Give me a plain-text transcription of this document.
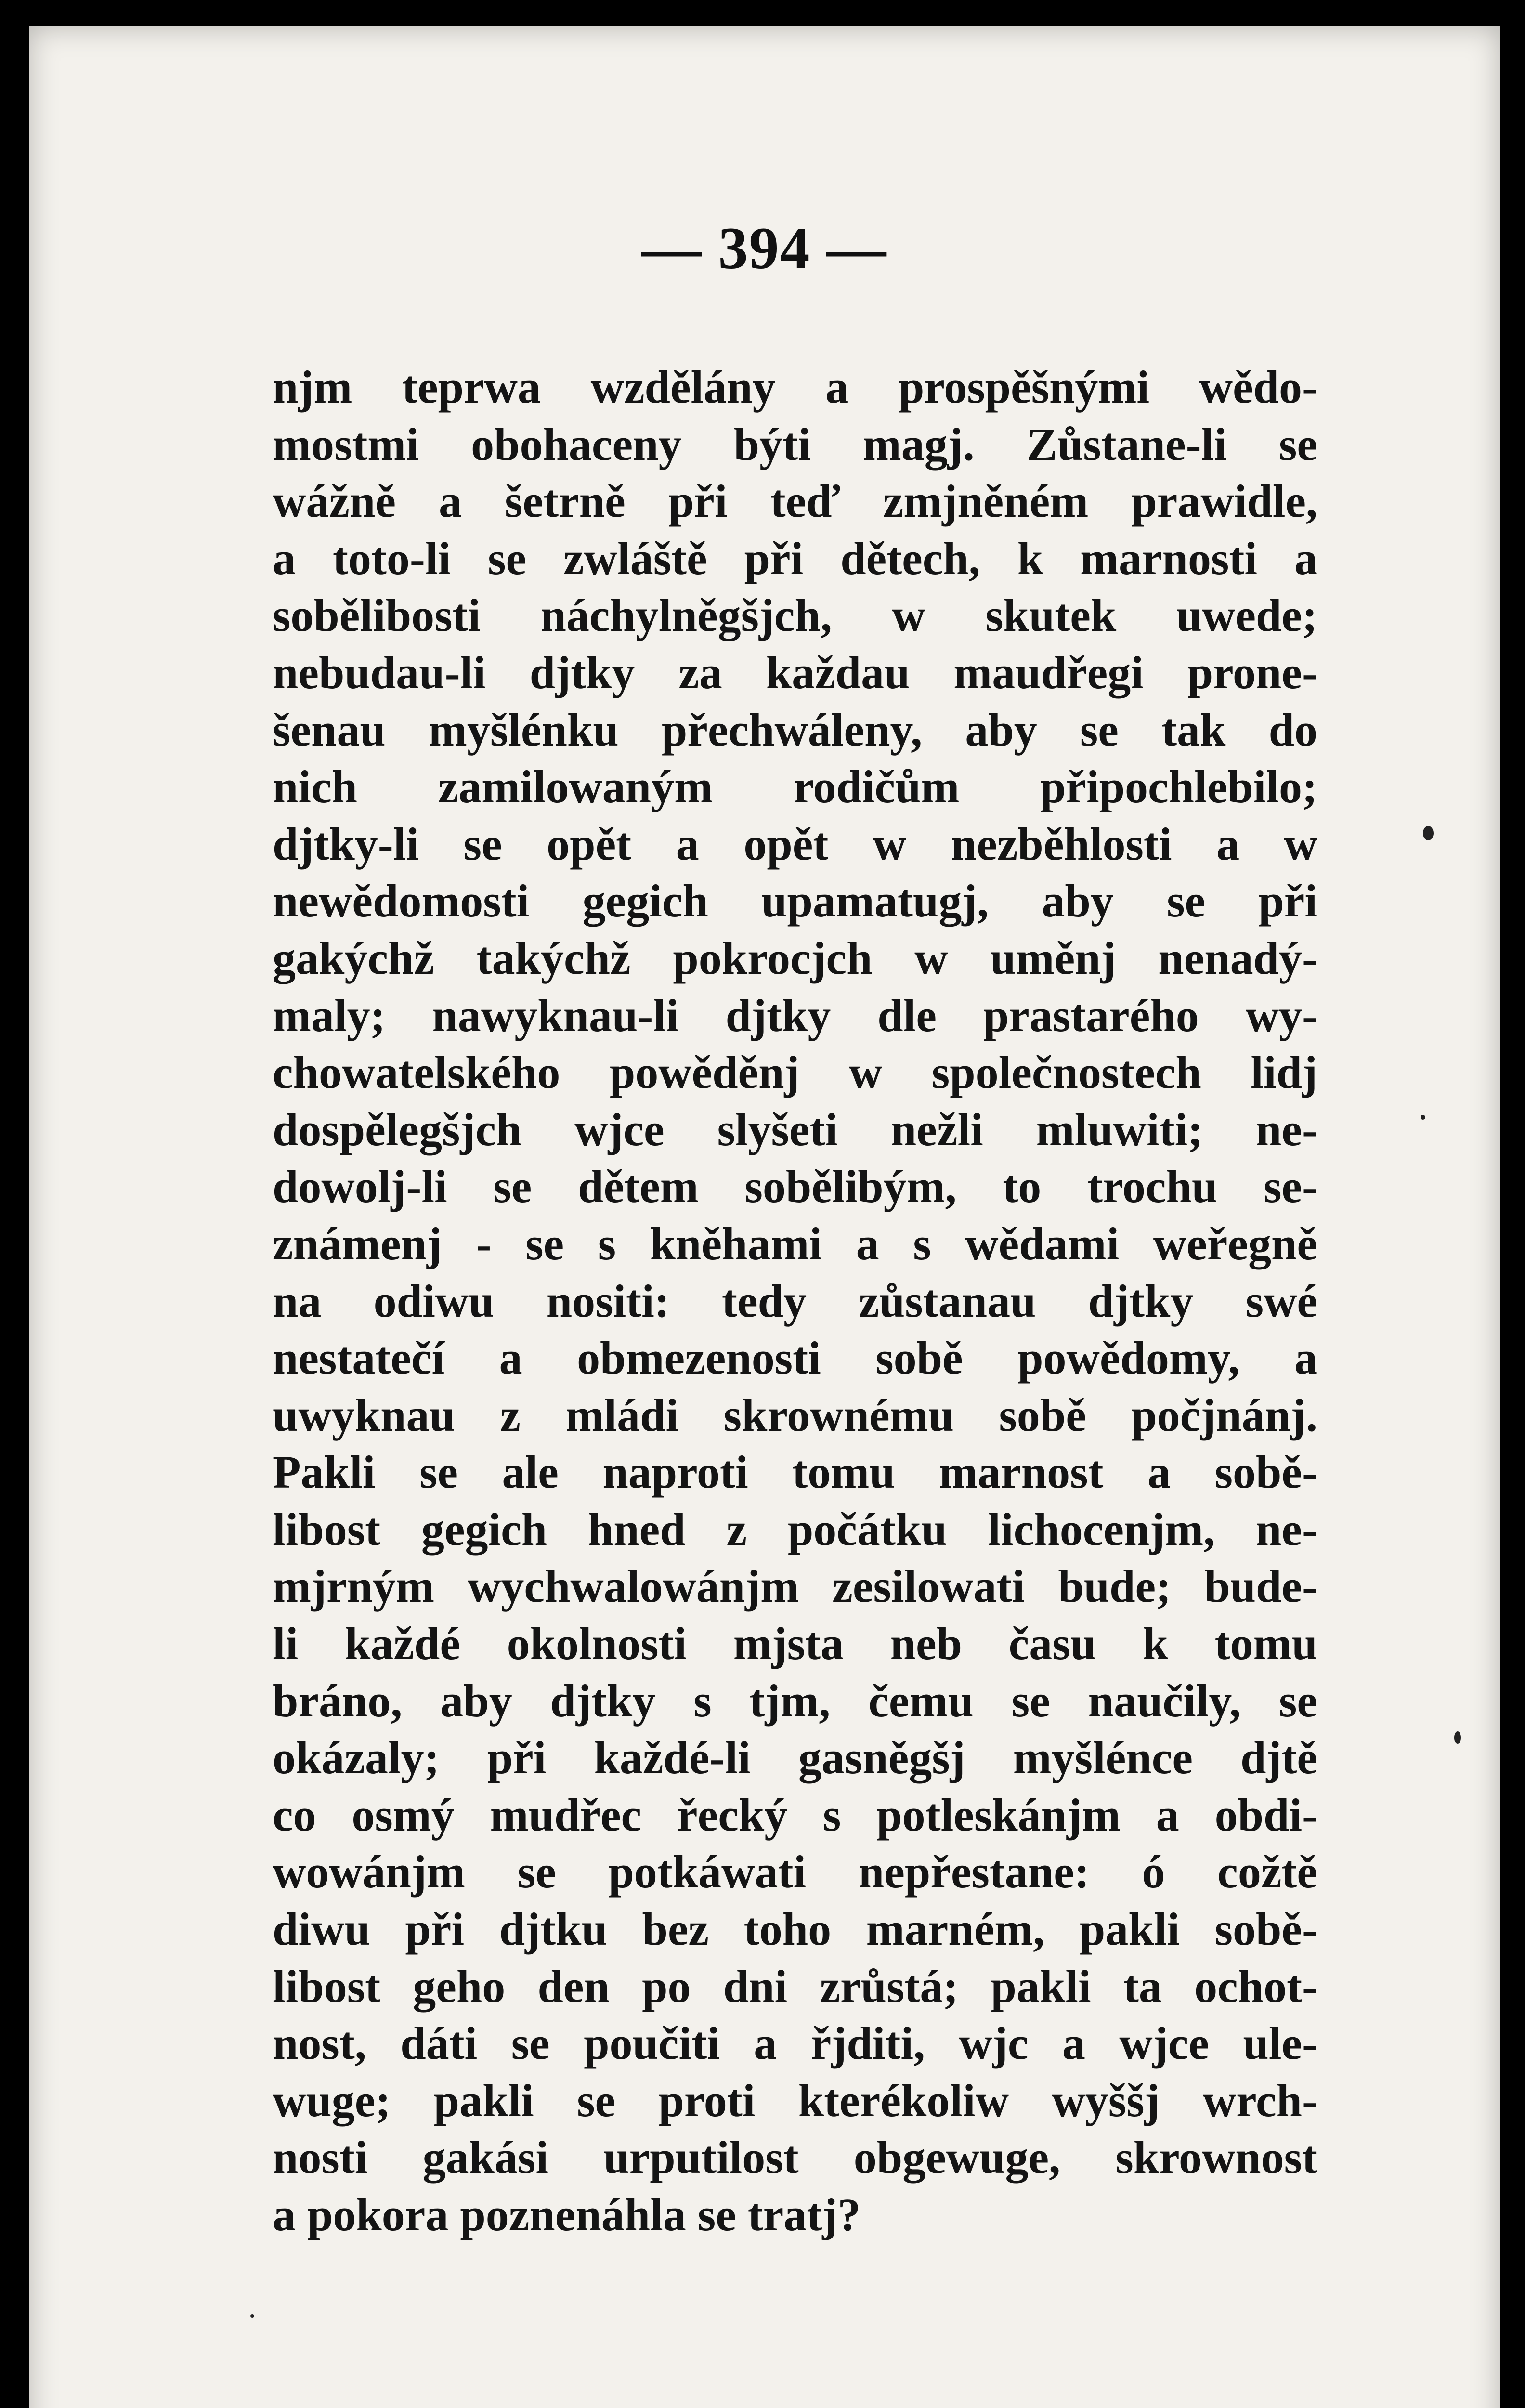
— 394 —
njm teprwa wzdělány a prospěšnými wědo-
mostmi obohaceny býti magj. Zůstane-li se
wážně a šetrně při teď zmjněném prawidle,
a toto-li se zwláště při dětech, k marnosti a
sobělibosti náchylněgšjch, w skutek uwede;
nebudau-li djtky za každau maudřegi prone-
šenau myšlénku přechwáleny, aby se tak do
nich zamilowaným rodičům připochlebilo;
djtky-li se opět a opět w nezběhlosti a w
newědomosti gegich upamatugj, aby se při
gakýchž takýchž pokrocjch w uměnj nenadý-
maly; nawyknau-li djtky dle prastarého wy-
chowatelského powěděnj w společnostech lidj
dospělegšjch wjce slyšeti nežli mluwiti; ne-
dowolj-li se dětem sobělibým, to trochu se-
známenj - se s kněhami a s wědami weřegně
na odiwu nositi: tedy zůstanau djtky swé
nestatečí a obmezenosti sobě powědomy, a
uwyknau z mládi skrownému sobě počjnánj.
Pakli se ale naproti tomu marnost a sobě-
libost gegich hned z počátku lichocenjm, ne-
mjrným wychwalowánjm zesilowati bude; bude-
li každé okolnosti mjsta neb času k tomu
bráno, aby djtky s tjm, čemu se naučily, se
okázaly; při každé-li gasněgšj myšlénce djtě
co osmý mudřec řecký s potleskánjm a obdi-
wowánjm se potkáwati nepřestane: ó cožtě
diwu při djtku bez toho marném, pakli sobě-
libost geho den po dni zrůstá; pakli ta ochot-
nost, dáti se poučiti a řjditi, wjc a wjce ule-
wuge; pakli se proti kterékoliw wyššj wrch-
nosti gakási urputilost obgewuge, skrownost
a pokora poznenáhla se tratj?
